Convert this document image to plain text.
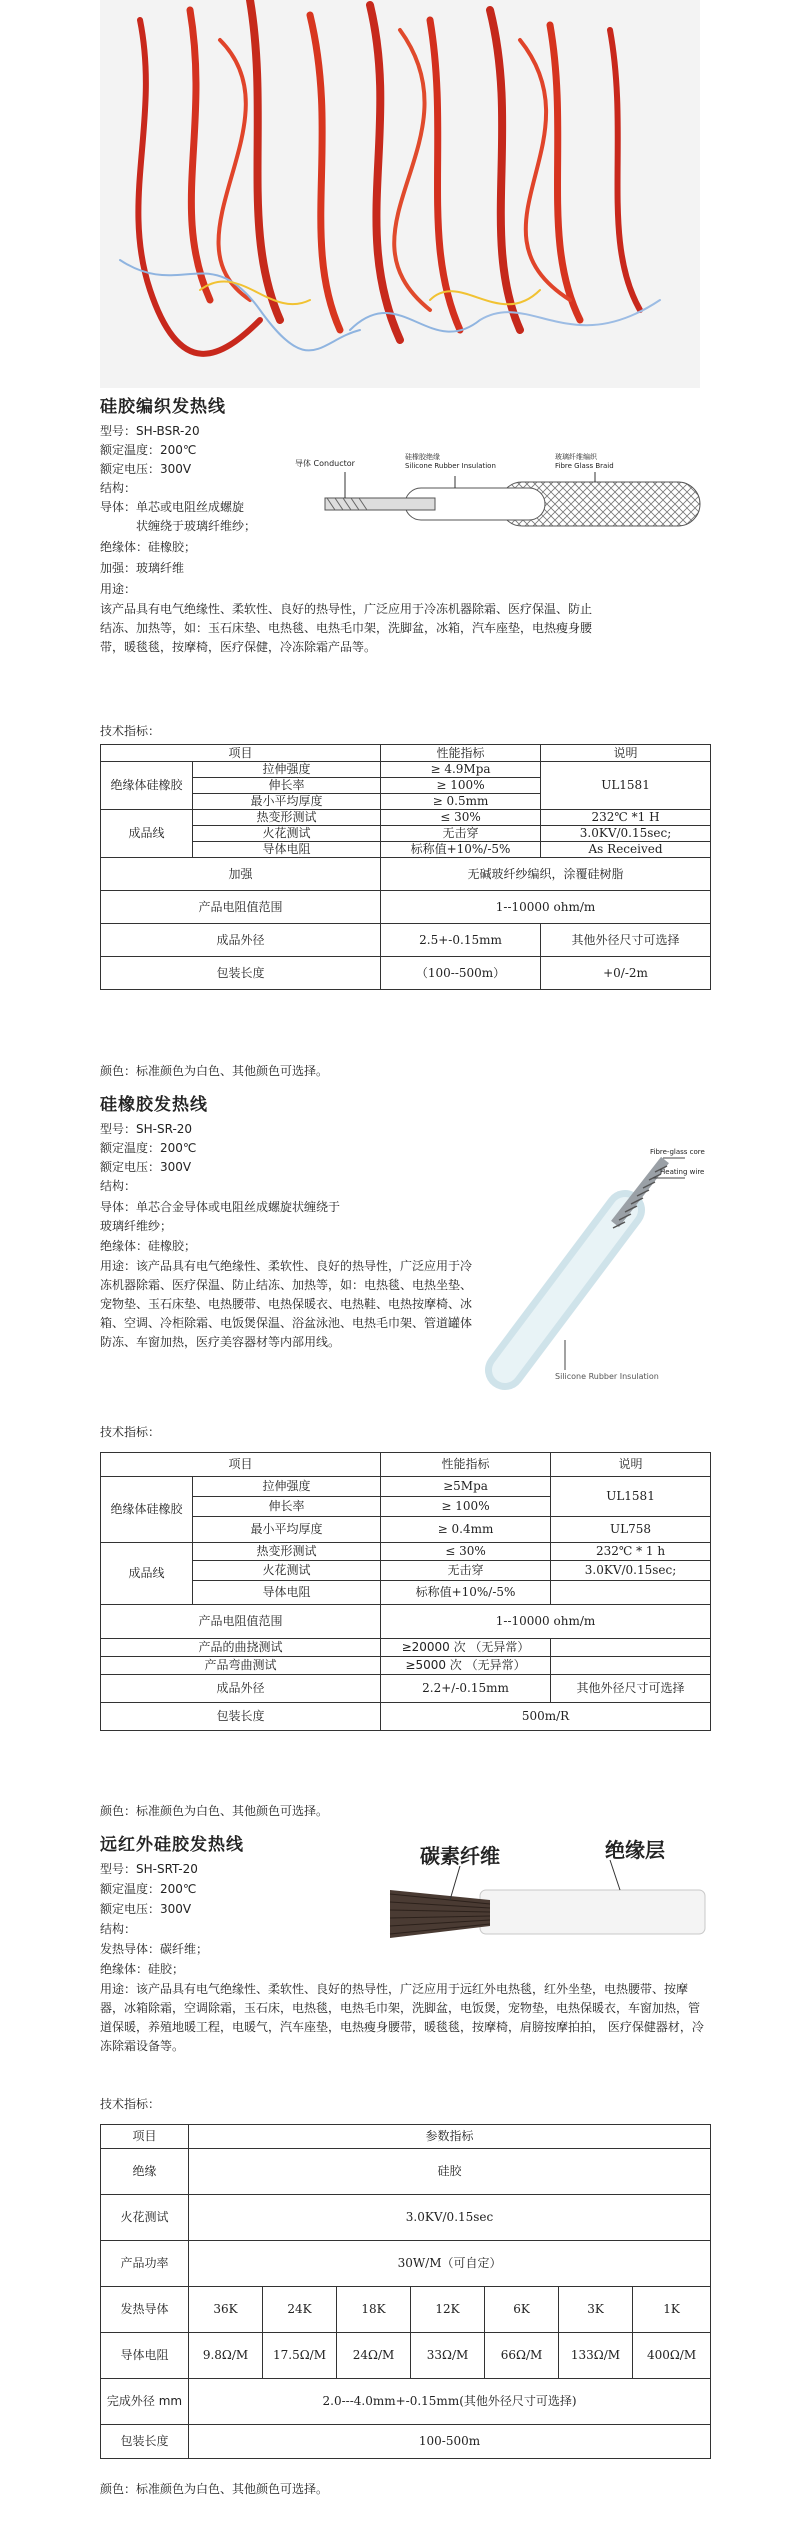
硅胶编织发热线
型号：SH-BSR-20
额定温度：200℃
额定电压：300V
结构：
导体：单芯或电阻丝成螺旋
状缠绕于玻璃纤维纱；
绝缘体：硅橡胶；
加强：玻璃纤维
用途：
该产品具有电气绝缘性、柔软性、良好的热导性，广泛应用于冷冻机器除霜、医疗保温、防止结冻、加热等，如：玉石床垫、电热毯、电热毛巾架，洗脚盆，冰箱，汽车座垫，电热瘦身腰带，暖毯毯，按摩椅，医疗保健，冷冻除霜产品等。
导体 Conductor
硅橡胶绝缘
Silicone Rubber Insulation
玻璃纤维编织
Fibre Glass Braid
技术指标：
项目		性能指标	说明
绝缘体硅橡胶	拉伸强度	≥ 4.9Mpa	UL1581
	伸长率	≥ 100%	
	最小平均厚度	≥ 0.5mm	
成品线	热变形测试	≤ 30%	232℃ *1 H
	火花测试	无击穿	3.0KV/0.15sec;
	导体电阻	标称值+10%/-5%	As Received
加强		无碱玻纤纱编织，涂覆硅树脂	
产品电阻值范围		1--10000 ohm/m	
成品外径		2.5+-0.15mm	其他外径尺寸可选择
包装长度		（100--500m）	+0/-2m
颜色：标准颜色为白色、其他颜色可选择。
硅橡胶发热线
型号：SH-SR-20
额定温度：200℃
额定电压：300V
结构：
导体：单芯合金导体或电阻丝成螺旋状缠绕于
玻璃纤维纱；
绝缘体：硅橡胶；
用途：该产品具有电气绝缘性、柔软性、良好的热导性，广泛应用于冷冻机器除霜、医疗保温、防止结冻、加热等，如：电热毯、电热坐垫、宠物垫、玉石床垫、电热腰带、电热保暖衣、电热鞋、电热按摩椅、冰箱、空调、冷柜除霜、电饭煲保温、浴盆泳池、电热毛巾架、管道罐体防冻、车窗加热，医疗美容器材等内部用线。
Fibre-glass core
Heating wire
Silicone Rubber Insulation
技术指标：
项目		性能指标	说明
绝缘体硅橡胶	拉伸强度	≥5Mpa	UL1581
	伸长率	≥ 100%	
	最小平均厚度	≥ 0.4mm	UL758
成品线	热变形测试	≤ 30%	232℃ * 1 h
	火花测试	无击穿	3.0KV/0.15sec;
	导体电阻	标称值+10%/-5%	
产品电阻值范围		1--10000 ohm/m	
产品的曲挠测试		≥20000 次 （无异常）	
产品弯曲测试		≥5000 次 （无异常）	
成品外径		2.2+/-0.15mm	其他外径尺寸可选择
包装长度		500m/R	
颜色：标准颜色为白色、其他颜色可选择。
远红外硅胶发热线
型号：SH-SRT-20
额定温度：200℃
额定电压：300V
结构：
发热导体：碳纤维；
绝缘体：硅胶；
用途：该产品具有电气绝缘性、柔软性、良好的热导性，广泛应用于远红外电热毯，红外坐垫，电热腰带、按摩器，冰箱除霜，空调除霜，玉石床，电热毯，电热毛巾架，洗脚盆，电饭煲，宠物垫，电热保暖衣，车窗加热，管道保暖，养殖地暖工程，电暖气，汽车座垫，电热瘦身腰带，暖毯毯，按摩椅，肩膀按摩拍拍， 医疗保健器材，冷冻除霜设备等。
碳素纤维	绝缘层
技术指标：
项目	参数指标						
绝缘	硅胶						
火花测试	3.0KV/0.15sec						
产品功率	30W/M（可自定）						
发热导体	36K	24K	18K	12K	6K	3K	1K
导体电阻	9.8Ω/M	17.5Ω/M	24Ω/M	33Ω/M	66Ω/M	133Ω/M	400Ω/M
完成外径 mm	2.0---4.0mm+-0.15mm(其他外径尺寸可选择)						
包装长度	100-500m						
颜色：标准颜色为白色、其他颜色可选择。
